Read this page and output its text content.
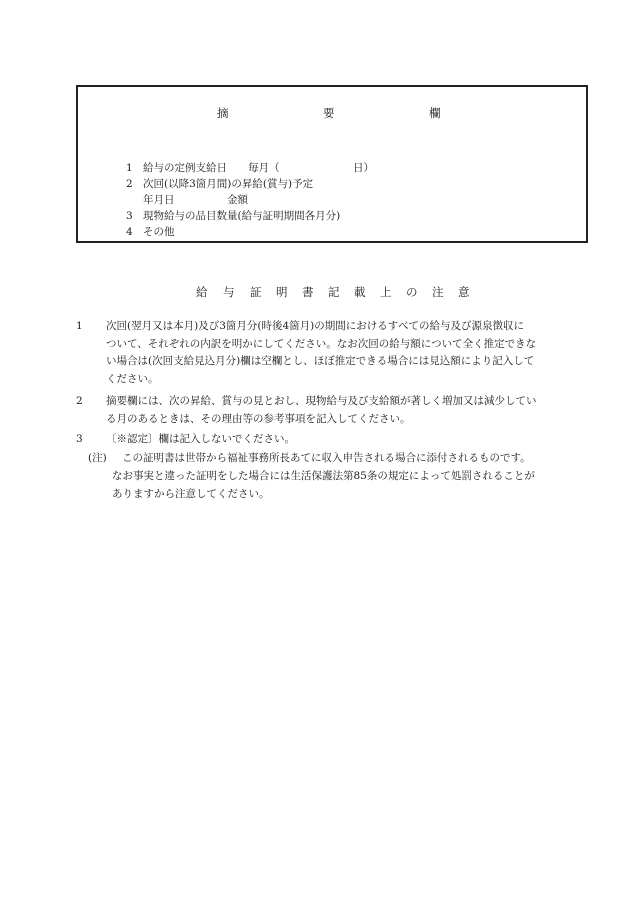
摘	要	欄

1 給与の定例支給日　　毎月（　　　　　　　日）

2 次回(以降3箇月間)の昇給(賞与)予定

年月日　　　　　金額

3 現物給与の品目数量(給与証明期間各月分)

4 その他

給 与 証 明 書 記 載 上 の 注 意
1	次回(翌月又は本月)及び3箇月分(時後4箇月)の期間におけるすべての給与及び源泉徴収に
ついて、それぞれの内訳を明かにしてください。なお次回の給与額について全く推定できな
い場合は(次回支給見込月分)欄は空欄とし、ほぼ推定できる場合には見込額により記入して
ください。
2	摘要欄には、次の昇給、賞与の見とおし、現物給与及び支給額が著しく増加又は減少してい
る月のあるときは、その理由等の参考事項を記入してください。
3	〔※認定〕欄は記入しないでください。
(注) この証明書は世帯から福祉事務所長あてに収入申告される場合に添付されるものです。
なお事実と違った証明をした場合には生活保護法第85条の規定によって処罰されることが
ありますから注意してください。
